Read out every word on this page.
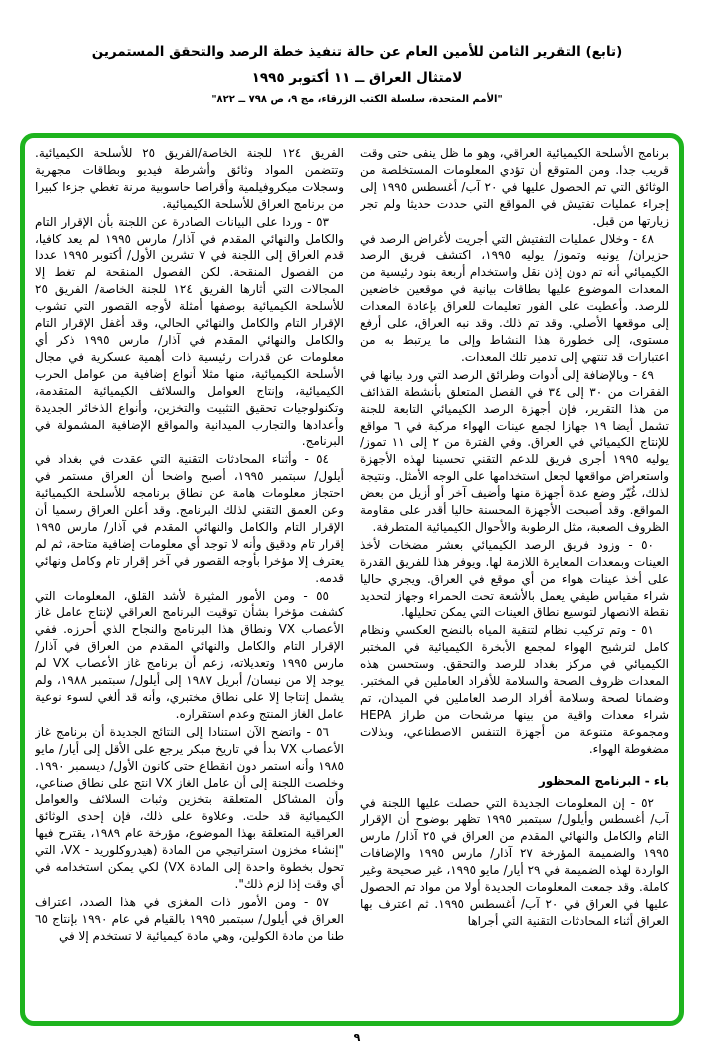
(تابع) التقرير الثامن للأمين العام عن حالة تنفيذ خطة الرصد والتحقق المستمرين
لامتثال العراق ــ ١١ أكتوبر ١٩٩٥
"الأمم المتحدة، سلسلة الكتب الزرقاء، مج ٩، ص ٧٩٨ ــ ٨٢٢"

برنامج الأسلحة الكيميائية العراقي، وهو ما ظل ينفى حتى وقت قريب جدا. ومن المتوقع أن تؤدي المعلومات المستخلصة من الوثائق التي تم الحصول عليها في ٢٠ آب/ أغسطس ١٩٩٥ إلى إجراء عمليات تفتيش في المواقع التي حددت حديثا ولم تجر زيارتها من قبل.

٤٨ - وخلال عمليات التفتيش التي أجريت لأغراض الرصد في حزيران/ يونيه وتموز/ يوليه ١٩٩٥، اكتشف فريق الرصد الكيميائي أنه تم دون إذن نقل واستخدام أربعة بنود رئيسية من المعدات الموضوع عليها بطاقات بيانية في موقعين خاضعين للرصد. وأعطيت على الفور تعليمات للعراق بإعادة المعدات إلى موقعها الأصلي. وقد تم ذلك. وقد نبه العراق، على أرفع مستوى، إلى خطورة هذا النشاط وإلى ما يرتبط به من اعتبارات قد تنتهي إلى تدمير تلك المعدات.

٤٩ - وبالإضافة إلى أدوات وطرائق الرصد التي ورد بيانها في الفقرات من ٣٠ إلى ٣٤ في الفصل المتعلق بأنشطة القذائف من هذا التقرير، فإن أجهزة الرصد الكيميائي التابعة للجنة تشمل أيضا ١٩ جهازا لجمع عينات الهواء مركبة في ٦ مواقع للإنتاج الكيميائي في العراق. وفي الفترة من ٢ إلى ١١ تموز/ يوليه ١٩٩٥ أجرى فريق للدعم التقني تحسينا لهذه الأجهزة واستعراض مواقعها لجعل استخدامها على الوجه الأمثل. ونتيجة لذلك، غُيّر وضع عدة أجهزة منها وأضيف آخر أو أزيل من بعض المواقع. وقد أصبحت الأجهزة المحسنة حاليا أقدر على مقاومة الظروف الصعبة، مثل الرطوبة والأحوال الكيميائية المتطرفة.

٥٠ - وزود فريق الرصد الكيميائي بعشر مضخات لأخذ العينات وبمعدات المعايرة اللازمة لها. ويوفر هذا للفريق القدرة على أخذ عينات هواء من أي موقع في العراق. ويجري حاليا شراء مقياس طيفي يعمل بالأشعة تحت الحمراء وجهاز لتحديد نقطة الانصهار لتوسيع نطاق العينات التي يمكن تحليلها.

٥١ - وتم تركيب نظام لتنقية المياه بالنضح العكسي ونظام كامل لترشيح الهواء لمجمع الأبخرة الكيميائية في المختبر الكيميائي في مركز بغداد للرصد والتحقق. وستحسن هذه المعدات ظروف الصحة والسلامة للأفراد العاملين في المختبر. وضمانا لصحة وسلامة أفراد الرصد العاملين في الميدان، تم شراء معدات واقية من بينها مرشحات من طراز HEPA ومجموعة متنوعة من أجهزة التنفس الاصطناعي، وبذلات مضغوطة الهواء.

باء - البرنامج المحظور

٥٢ - إن المعلومات الجديدة التي حصلت عليها اللجنة في آب/ أغسطس وأيلول/ سبتمبر ١٩٩٥ تظهر بوضوح أن الإقرار التام والكامل والنهائي المقدم من العراق في ٢٥ آذار/ مارس ١٩٩٥ والضميمة المؤرخة ٢٧ آذار/ مارس ١٩٩٥ والإضافات الواردة لهذه الضميمة في ٢٩ أيار/ مايو ١٩٩٥، غير صحيحة وغير كاملة. وقد جمعت المعلومات الجديدة أولا من مواد تم الحصول عليها في العراق في ٢٠ آب/ أغسطس ١٩٩٥. ثم اعترف بها العراق أثناء المحادثات التقنية التي أجراها

الفريق ١٢٤ للجنة الخاصة/الفريق ٢٥ للأسلحة الكيميائية. وتتضمن المواد وثائق وأشرطة فيديو وبطاقات مجهرية وسجلات ميكروفيلمية وأقراصا حاسوبية مرنة تغطي جزءا كبيرا من برنامج العراق للأسلحة الكيميائية.

٥٣ - وردا على البيانات الصادرة عن اللجنة بأن الإقرار التام والكامل والنهائي المقدم في آذار/ مارس ١٩٩٥ لم يعد كافيا، قدم العراق إلى اللجنة في ٧ تشرين الأول/ أكتوبر ١٩٩٥ عددا من الفصول المنقحة. لكن الفصول المنقحة لم تغط إلا المجالات التي أثارها الفريق ١٢٤ للجنة الخاصة/ الفريق ٢٥ للأسلحة الكيميائية بوصفها أمثلة لأوجه القصور التي تشوب الإقرار التام والكامل والنهائي الحالي، وقد أغفل الإقرار التام والكامل والنهائي المقدم في آذار/ مارس ١٩٩٥ ذكر أي معلومات عن قدرات رئيسية ذات أهمية عسكرية في مجال الأسلحة الكيميائية، منها مثلا أنواع إضافية من عوامل الحرب الكيميائية، وإنتاج العوامل والسلائف الكيميائية المتقدمة، وتكنولوجيات تحقيق التثبيت والتخزين، وأنواع الذخائر الجديدة وأعدادها والتجارب الميدانية والمواقع الإضافية المشمولة في البرنامج.

٥٤ - وأثناء المحادثات التقنية التي عقدت في بغداد في أيلول/ سبتمبر ١٩٩٥، أصبح واضحا أن العراق مستمر في احتجاز معلومات هامة عن نطاق برنامجه للأسلحة الكيميائية وعن العمق التقني لذلك البرنامج. وقد أعلن العراق رسميا أن الإقرار التام والكامل والنهائي المقدم في آذار/ مارس ١٩٩٥ إقرار تام ودقيق وأنه لا توجد أي معلومات إضافية متاحة، ثم لم يعترف إلا مؤخرا بأوجه القصور في آخر إقرار تام وكامل ونهائي قدمه.

٥٥ - ومن الأمور المثيرة لأشد القلق، المعلومات التي كشفت مؤخرا بشأن توقيت البرنامج العراقي لإنتاج عامل غاز الأعصاب VX ونطاق هذا البرنامج والنجاح الذي أحرزه. ففي الإقرار التام والكامل والنهائي المقدم من العراق في آذار/ مارس ١٩٩٥ وتعديلاته، زعم أن برنامج غاز الأعصاب VX لم يوجد إلا من نيسان/ أبريل ١٩٨٧ إلى أيلول/ سبتمبر ١٩٨٨، ولم يشمل إنتاجا إلا على نطاق مختبري، وأنه قد ألغي لسوء نوعية عامل الغاز المنتج وعدم استقراره.

٥٦ - واتضح الآن استنادا إلى النتائج الجديدة أن برنامج غاز الأعصاب VX بدأ في تاريخ مبكر يرجع على الأقل إلى أيار/ مايو ١٩٨٥ وأنه استمر دون انقطاع حتى كانون الأول/ ديسمبر ١٩٩٠. وخلصت اللجنة إلى أن عامل الغاز VX انتج على نطاق صناعي، وأن المشاكل المتعلقة بتخزين وثبات السلائف والعوامل الكيميائية قد حلت. وعلاوة على ذلك، فإن إحدى الوثائق العراقية المتعلقة بهذا الموضوع، مؤرخة عام ١٩٨٩، يقترح فيها "إنشاء مخزون استراتيجي من المادة (هيدروكلوريد - VX، التي تحول بخطوة واحدة إلى المادة VX) لكي يمكن استخدامه في أي وقت إذا لزم ذلك".

٥٧ - ومن الأمور ذات المغزى في هذا الصدد، اعتراف العراق في أيلول/ سبتمبر ١٩٩٥ بالقيام في عام ١٩٩٠ بإنتاج ٦٥ طنا من مادة الكولين، وهي مادة كيميائية لا تستخدم إلا في

٩
